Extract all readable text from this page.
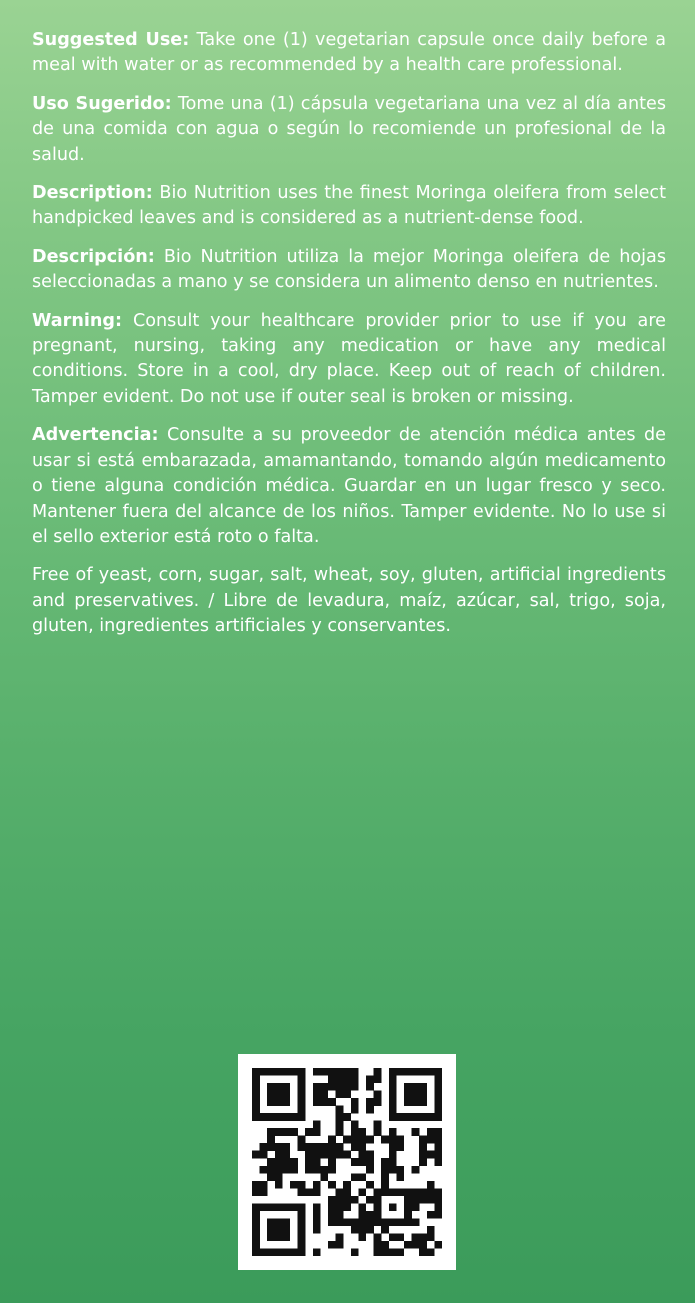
Suggested Use: Take one (1) vegetarian capsule once daily before a meal with water or as recommended by a health care professional.

Uso Sugerido: Tome una (1) cápsula vegetariana una vez al día antes de una comida con agua o según lo recomiende un profesional de la salud.

Description: Bio Nutrition uses the finest Moringa oleifera from select handpicked leaves and is considered as a nutrient-dense food.

Descripción: Bio Nutrition utiliza la mejor Moringa oleifera de hojas seleccionadas a mano y se considera un alimento denso en nutrientes.

Warning: Consult your healthcare provider prior to use if you are pregnant, nursing, taking any medication or have any medical conditions. Store in a cool, dry place. Keep out of reach of children. Tamper evident. Do not use if outer seal is broken or missing.

Advertencia: Consulte a su proveedor de atención médica antes de usar si está embarazada, amamantando, tomando algún medicamento o tiene alguna condición médica. Guardar en un lugar fresco y seco. Mantener fuera del alcance de los niños. Tamper evidente. No lo use si el sello exterior está roto o falta.

Free of yeast, corn, sugar, salt, wheat, soy, gluten, artificial ingredients and preservatives. / Libre de levadura, maíz, azúcar, sal, trigo, soja, gluten, ingredientes artificiales y conservantes.
